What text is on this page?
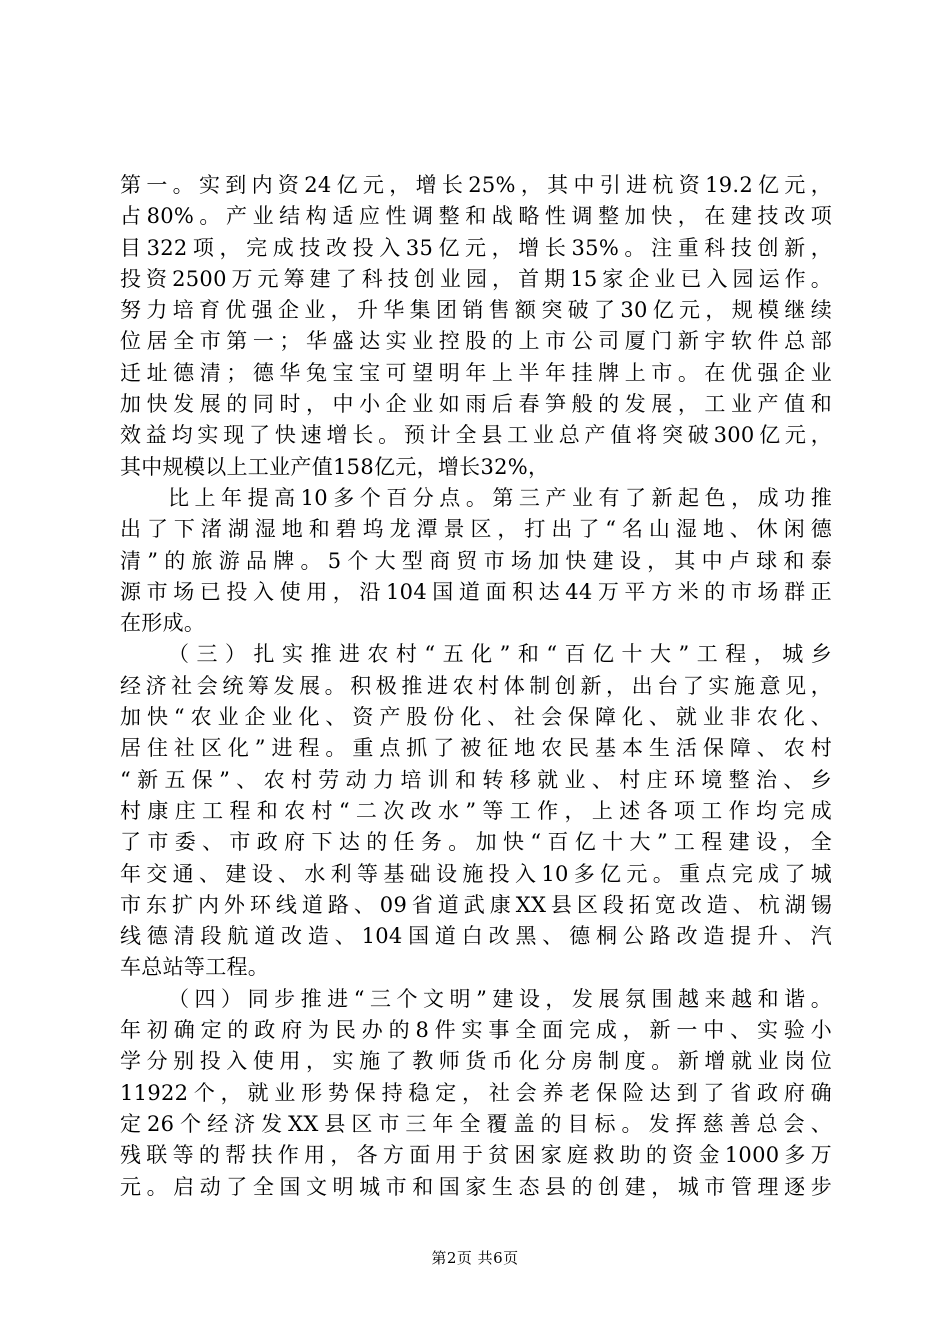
第一。实到内资24亿元，增长25%，其中引进杭资19.2亿元，
占80%。产业结构适应性调整和战略性调整加快，在建技改项
目322项，完成技改投入35亿元，增长35%。注重科技创新，
投资2500万元筹建了科技创业园，首期15家企业已入园运作。
努力培育优强企业，升华集团销售额突破了30亿元，规模继续
位居全市第一；华盛达实业控股的上市公司厦门新宇软件总部
迁址德清；德华兔宝宝可望明年上半年挂牌上市。在优强企业
加快发展的同时，中小企业如雨后春笋般的发展，工业产值和
效益均实现了快速增长。预计全县工业总产值将突破300亿元，
其中规模以上工业产值158亿元，增长32%，
比上年提高10多个百分点。第三产业有了新起色，成功推
出了下渚湖湿地和碧坞龙潭景区，打出了“名山湿地、休闲德
清”的旅游品牌。5个大型商贸市场加快建设，其中卢球和泰
源市场已投入使用，沿104国道面积达44万平方米的市场群正
在形成。
（三）扎实推进农村“五化”和“百亿十大”工程，城乡
经济社会统筹发展。积极推进农村体制创新，出台了实施意见，
加快“农业企业化、资产股份化、社会保障化、就业非农化、
居住社区化”进程。重点抓了被征地农民基本生活保障、农村
“新五保”、农村劳动力培训和转移就业、村庄环境整治、乡
村康庄工程和农村“二次改水”等工作，上述各项工作均完成
了市委、市政府下达的任务。加快“百亿十大”工程建设，全
年交通、建设、水利等基础设施投入10多亿元。重点完成了城
市东扩内外环线道路、09省道武康XX县区段拓宽改造、杭湖锡
线德清段航道改造、104国道白改黑、德桐公路改造提升、汽
车总站等工程。
（四）同步推进“三个文明”建设，发展氛围越来越和谐。
年初确定的政府为民办的8件实事全面完成，新一中、实验小
学分别投入使用，实施了教师货币化分房制度。新增就业岗位
11922个，就业形势保持稳定，社会养老保险达到了省政府确
定26个经济发XX县区市三年全覆盖的目标。发挥慈善总会、
残联等的帮扶作用，各方面用于贫困家庭救助的资金1000多万
元。启动了全国文明城市和国家生态县的创建，城市管理逐步
第2页 共6页
